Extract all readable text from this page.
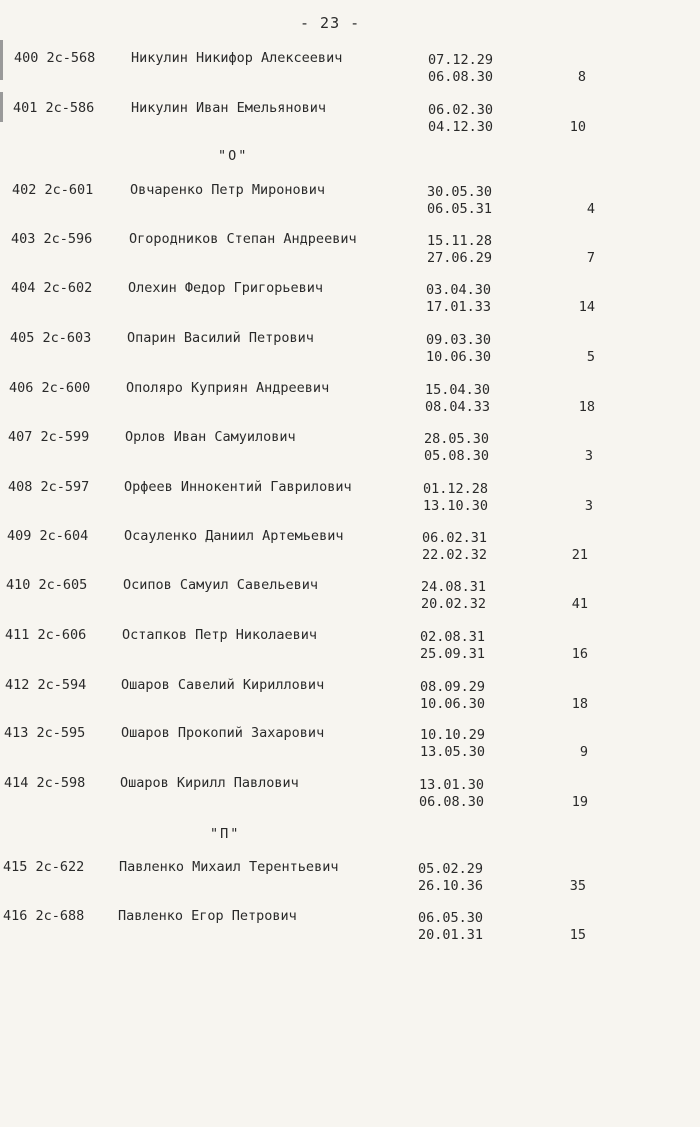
- 23 -
"О"
"П"
400 2с-568	Никулин Никифор Алексеевич	07.12.29
06.08.30	8
401 2с-586	Никулин Иван Емельянович	06.02.30
04.12.30	10
402 2с-601	Овчаренко Петр Миронович	30.05.30
06.05.31	4
403 2с-596	Огородников Степан Андреевич	15.11.28
27.06.29	7
404 2с-602	Олехин Федор Григорьевич	03.04.30
17.01.33	14
405 2с-603	Опарин Василий Петрович	09.03.30
10.06.30	5
406 2с-600	Ополяро Куприян Андреевич	15.04.30
08.04.33	18
407 2с-599	Орлов Иван Самуилович	28.05.30
05.08.30	3
408 2с-597	Орфеев Иннокентий Гаврилович	01.12.28
13.10.30	3
409 2с-604	Осауленко Даниил Артемьевич	06.02.31
22.02.32	21
410 2с-605	Осипов Самуил Савельевич	24.08.31
20.02.32	41
411 2с-606	Остапков Петр Николаевич	02.08.31
25.09.31	16
412 2с-594	Ошаров Савелий Кириллович	08.09.29
10.06.30	18
413 2с-595	Ошаров Прокопий Захарович	10.10.29
13.05.30	9
414 2с-598	Ошаров Кирилл Павлович	13.01.30
06.08.30	19
415 2с-622	Павленко Михаил Терентьевич	05.02.29
26.10.36	35
416 2с-688 Павленко Егор Петрович	06.05.30
20.01.31	15
